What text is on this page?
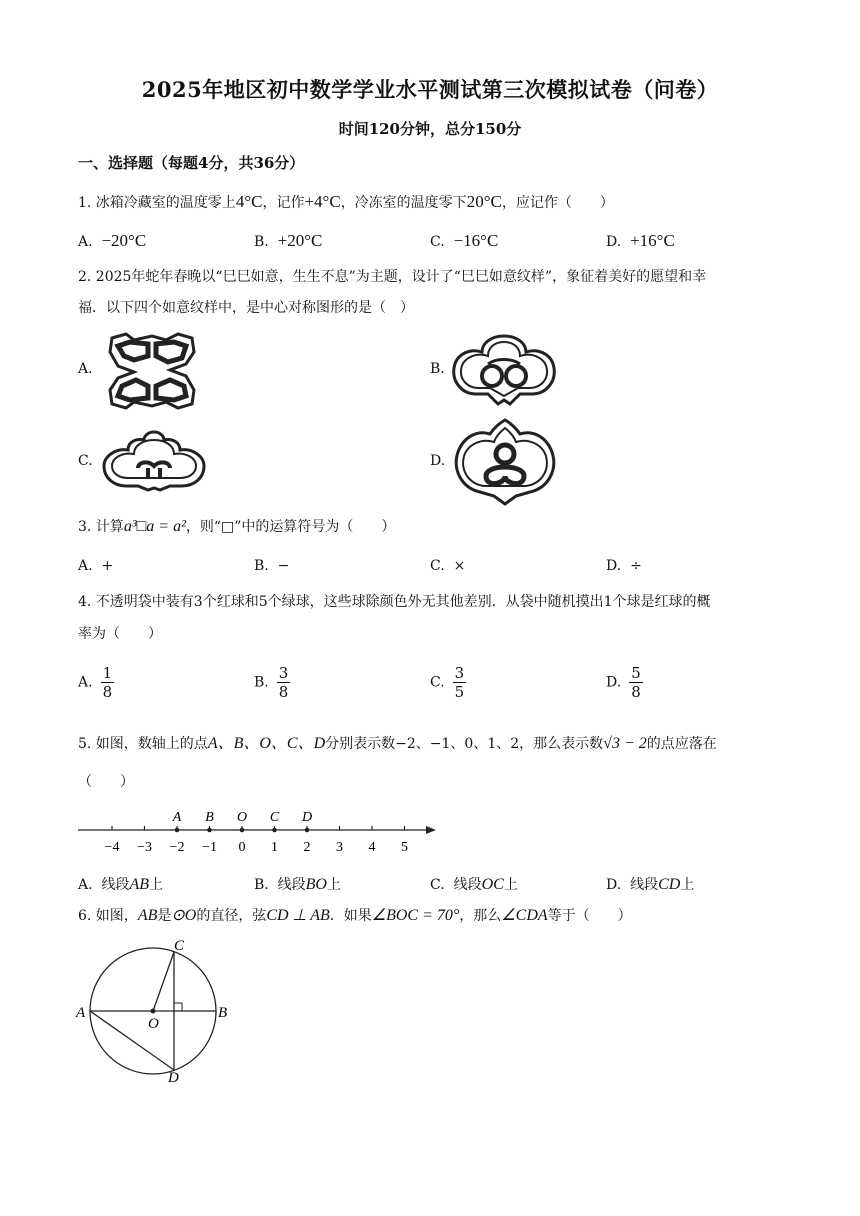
2025年地区初中数学学业水平测试第三次模拟试卷（问卷）
时间120分钟，总分150分
一、选择题（每题4分，共36分）
1. 冰箱冷藏室的温度零上4°C，记作+4°C，冷冻室的温度零下20°C，应记作（　　）
A. −20°C	B. +20°C	C. −16°C	D. +16°C
2. 2025年蛇年春晚以“巳巳如意，生生不息”为主题，设计了“巳巳如意纹样”，象征着美好的愿望和幸
福．以下四个如意纹样中，是中心对称图形的是（　）
A.	B.
C.	D.
3. 计算a³□a = a²，则“□”中的运算符号为（　　）
A. +	B. −	C. ×	D. ÷
4. 不透明袋中装有3个红球和5个绿球，这些球除颜色外无其他差别．从袋中随机摸出1个球是红球的概
率为（　　）
A. $\frac{1}{8}$	B. $\frac{3}{8}$	C. $\frac{3}{5}$	D. $\frac{5}{8}$
5. 如图，数轴上的点A、B、O、C、D分别表示数−2、−1、0、1、2，那么表示数√3 − 2的点应落在
（　　）
−4 −3 −2 −1 0 1 2 3 4 5
A B O C D
A. 线段AB上	B. 线段BO上	C. 线段OC上	D. 线段CD上
6. 如图，AB是⊙O的直径，弦CD ⊥ AB．如果∠BOC = 70°，那么∠CDA等于（　　）
A	B
C
D
O
